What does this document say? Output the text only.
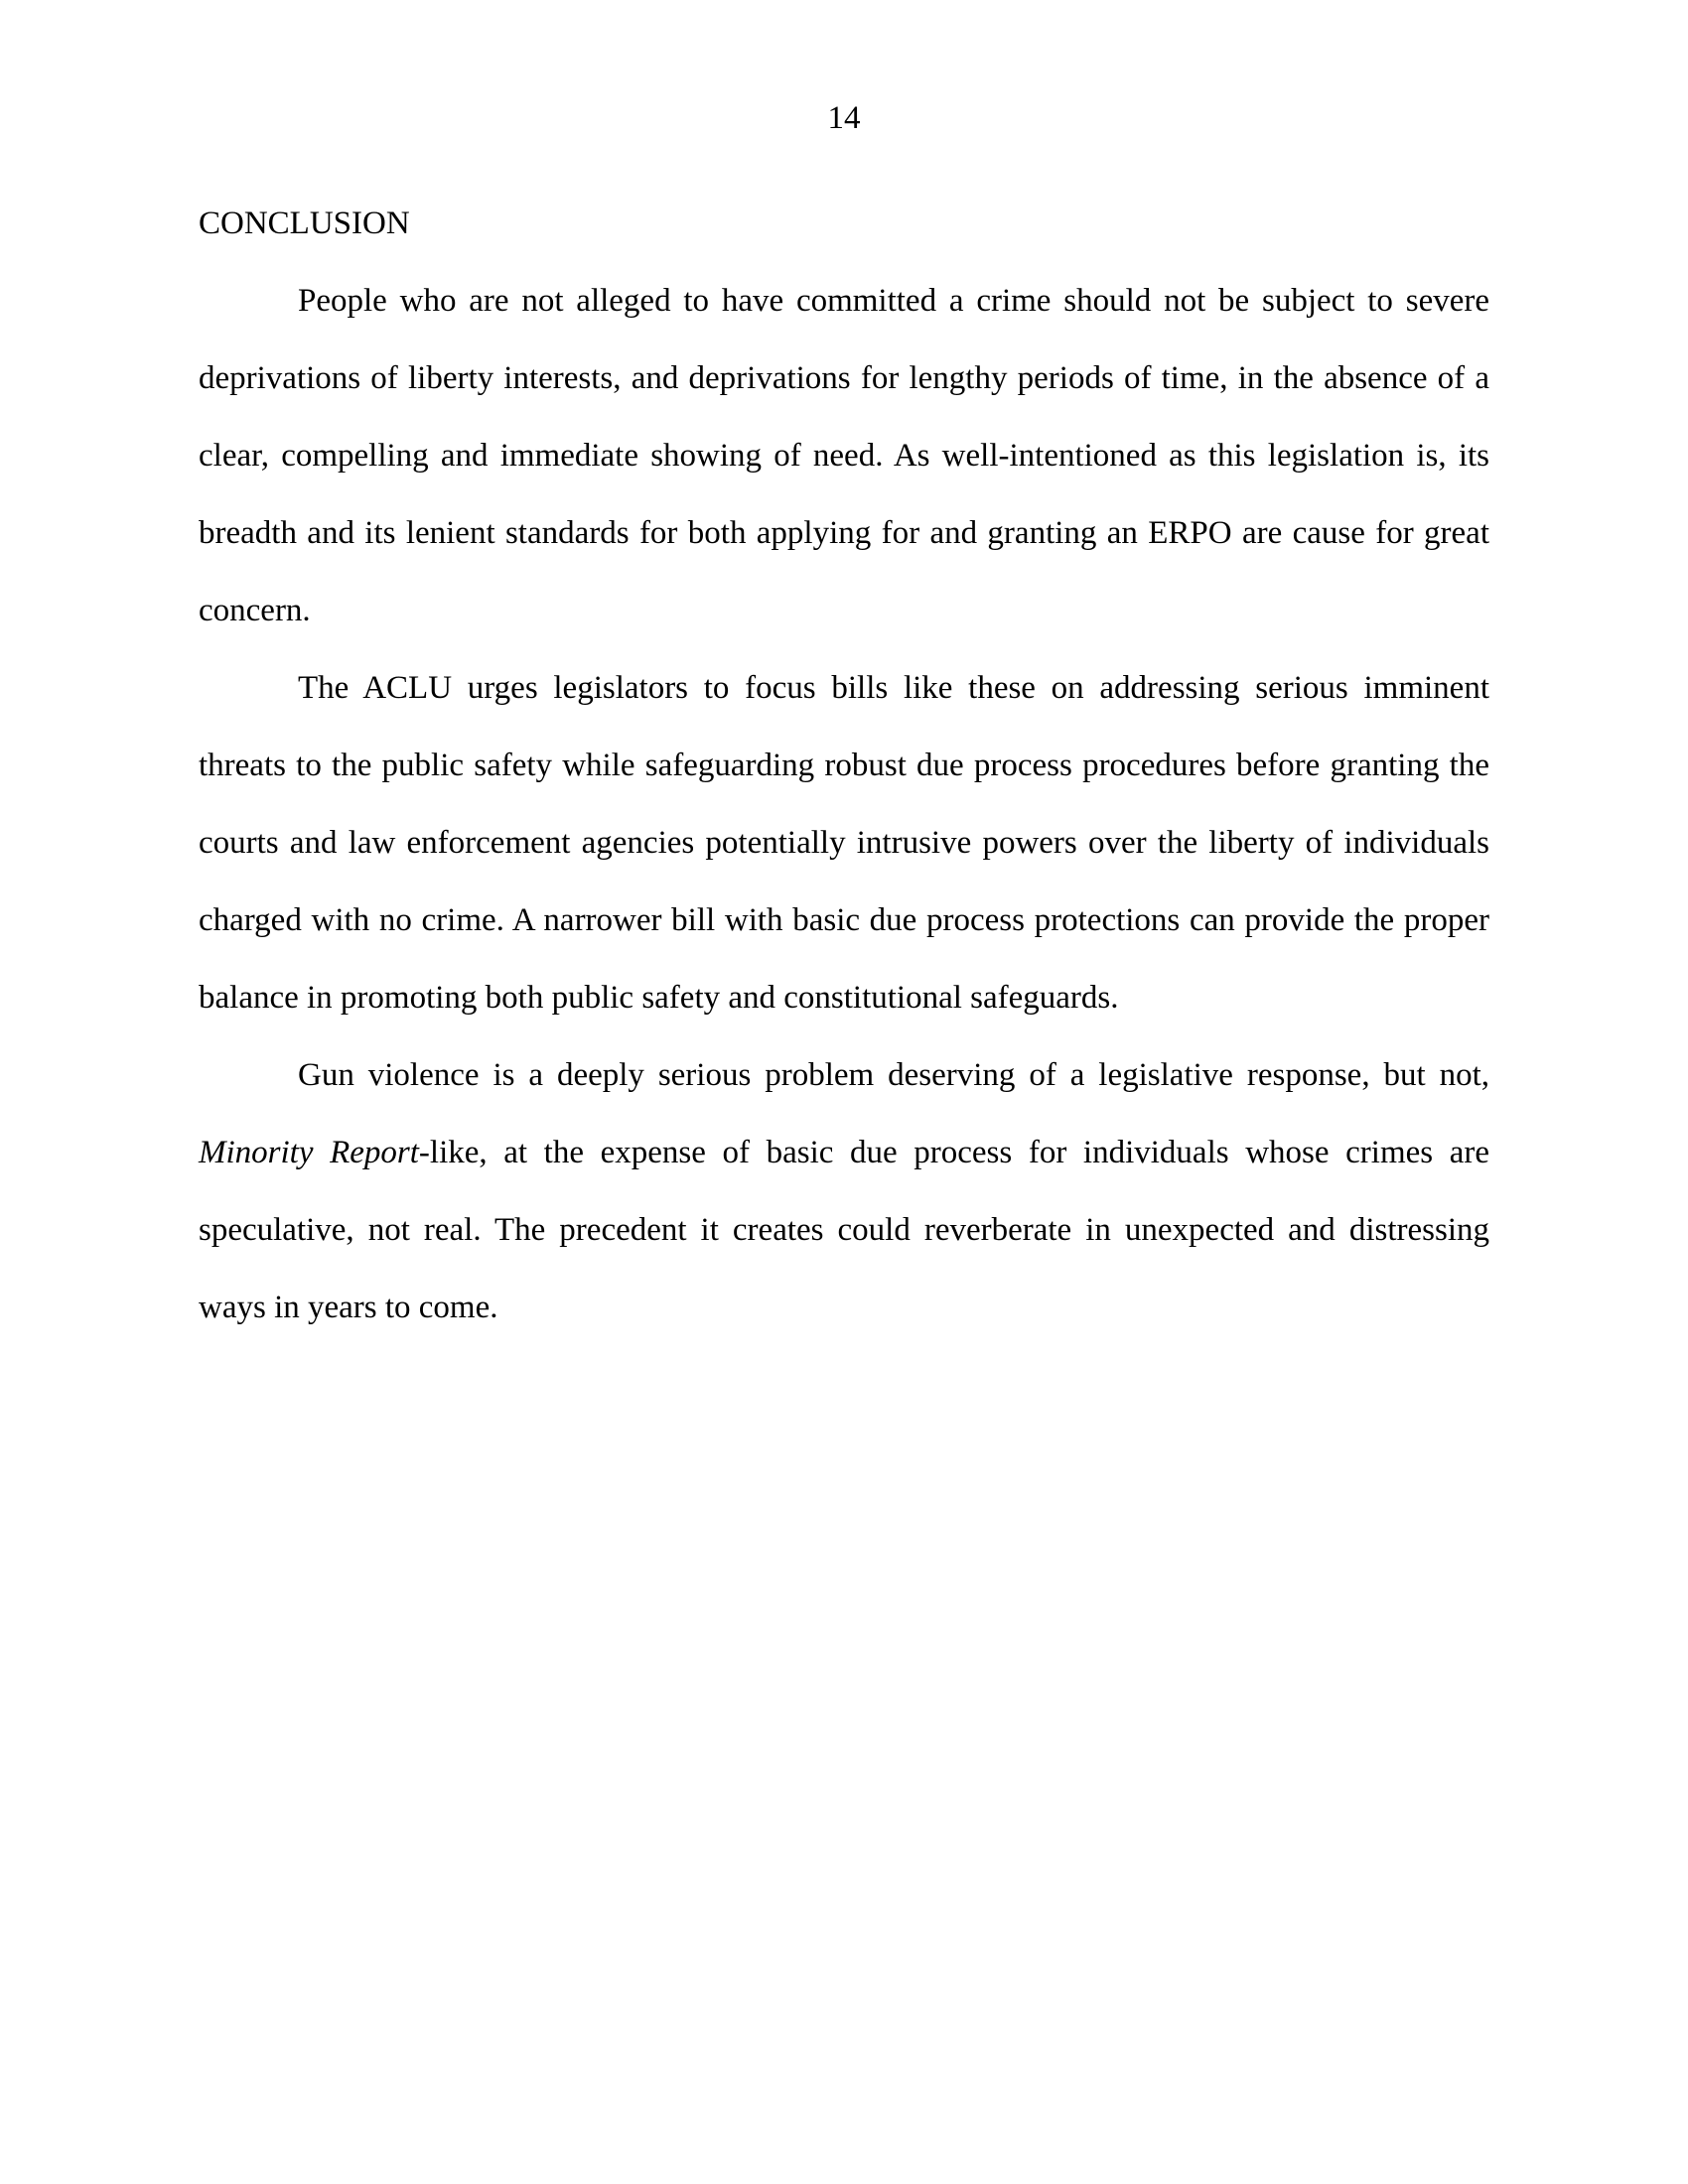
14
CONCLUSION

People who are not alleged to have committed a crime should not be subject to severe deprivations of liberty interests, and deprivations for lengthy periods of time, in the absence of a clear, compelling and immediate showing of need. As well-intentioned as this legislation is, its breadth and its lenient standards for both applying for and granting an ERPO are cause for great concern.

The ACLU urges legislators to focus bills like these on addressing serious imminent threats to the public safety while safeguarding robust due process procedures before granting the courts and law enforcement agencies potentially intrusive powers over the liberty of individuals charged with no crime. A narrower bill with basic due process protections can provide the proper balance in promoting both public safety and constitutional safeguards.

Gun violence is a deeply serious problem deserving of a legislative response, but not, Minority Report-like, at the expense of basic due process for individuals whose crimes are speculative, not real. The precedent it creates could reverberate in unexpected and distressing ways in years to come.
